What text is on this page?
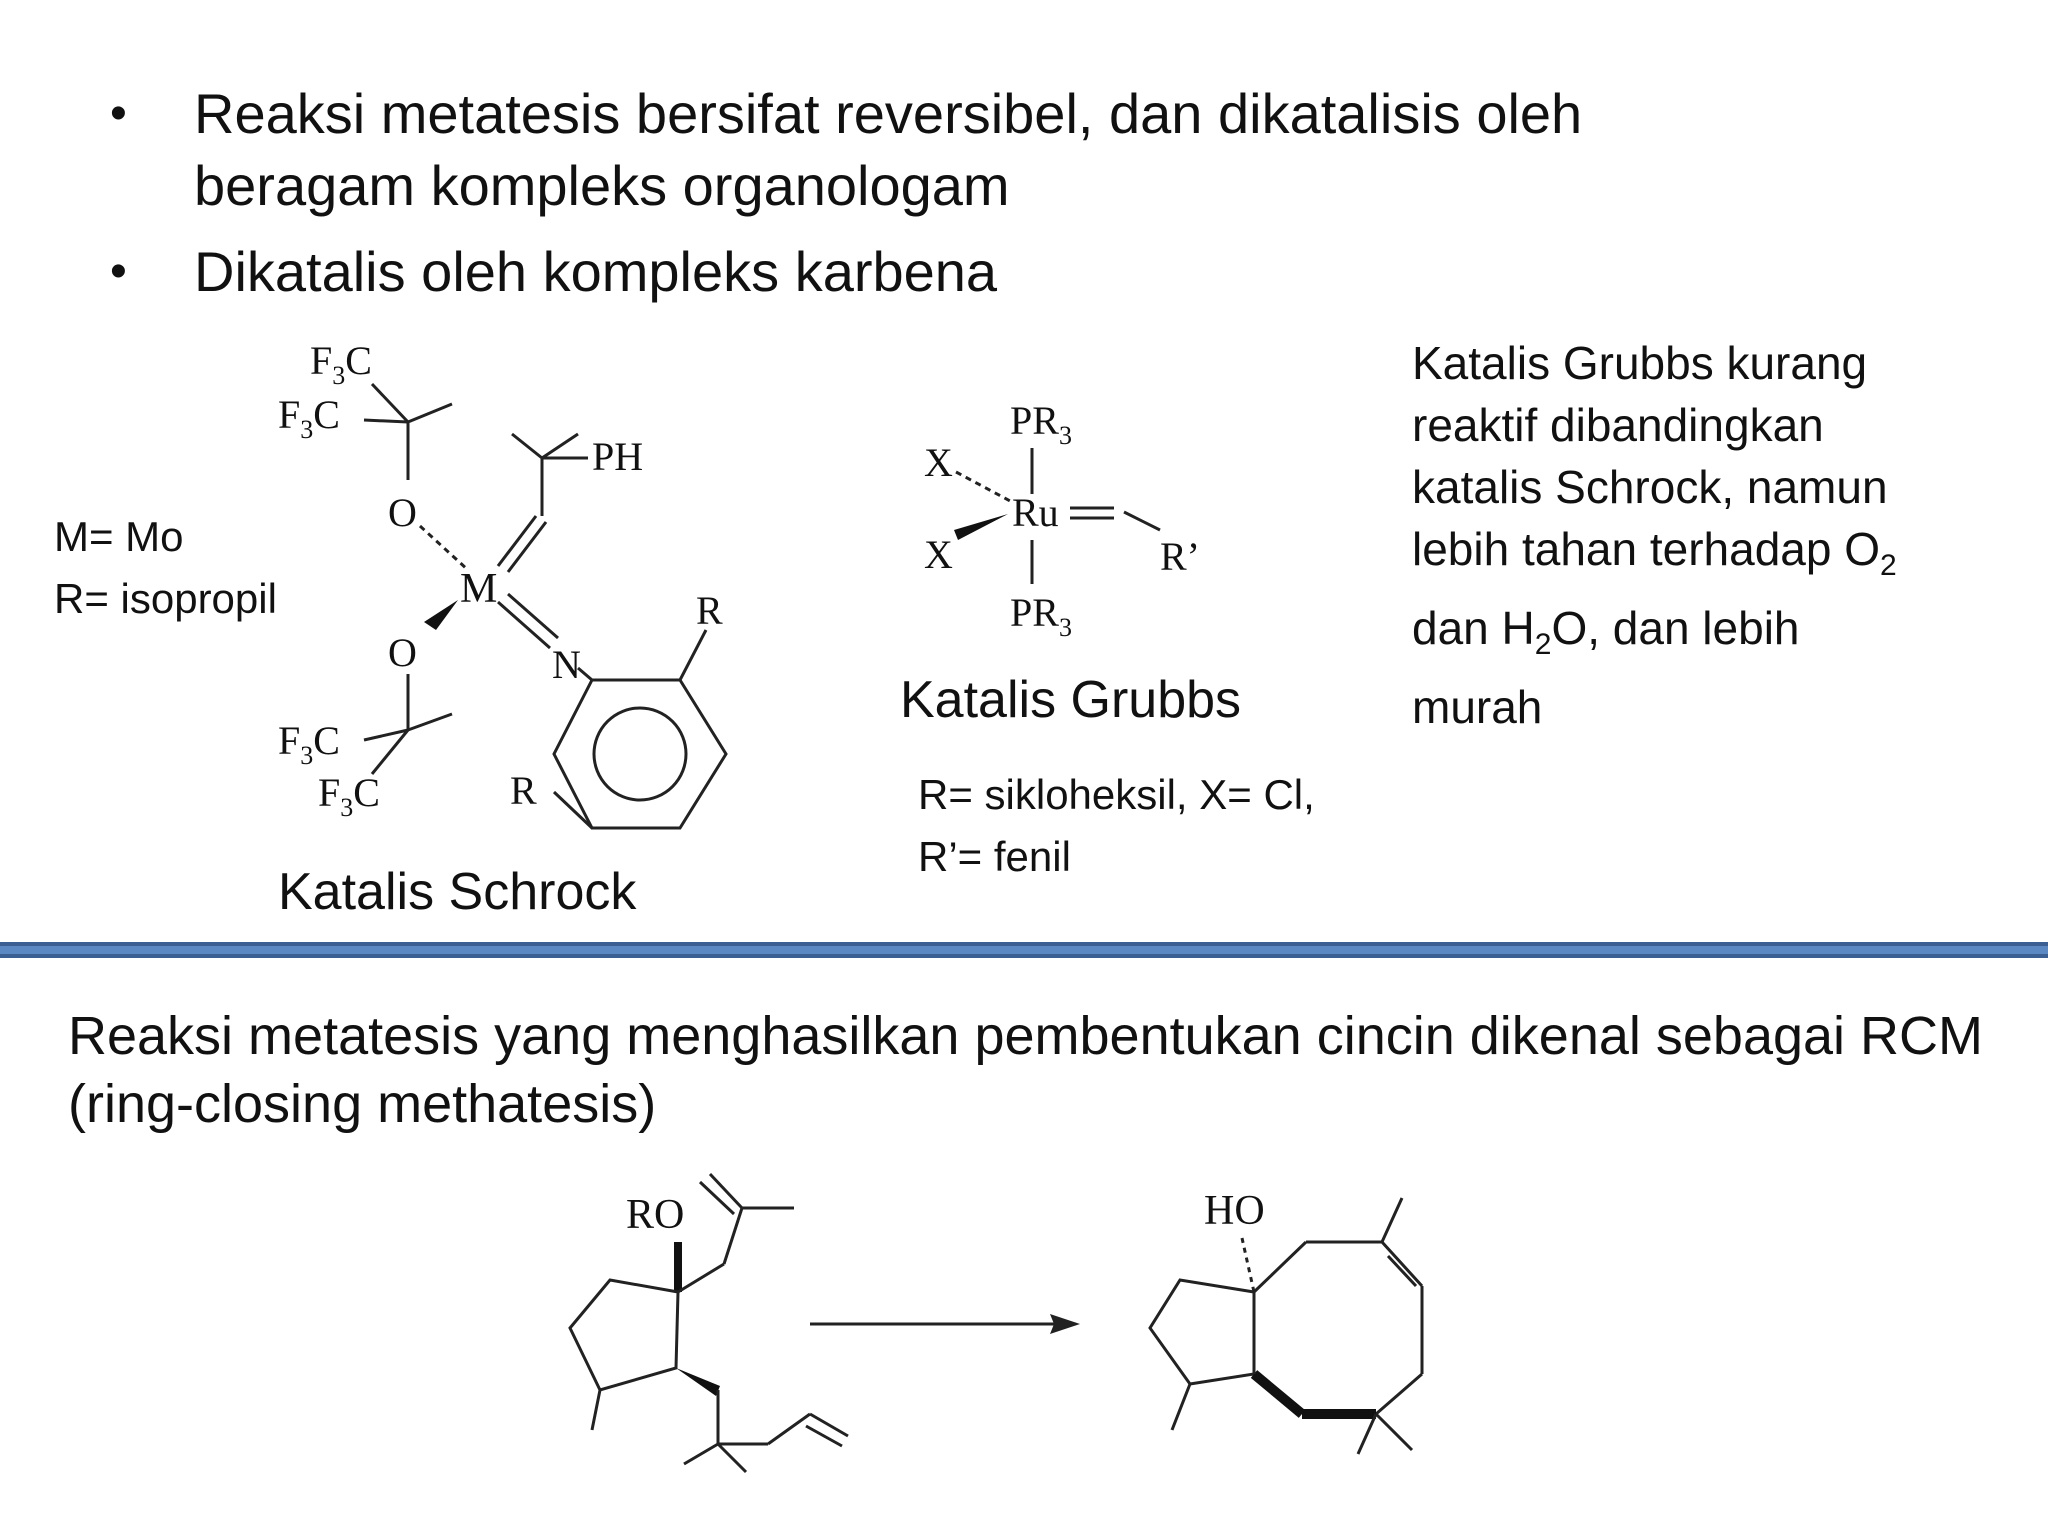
•	Reaksi metatesis bersifat reversibel, dan dikatalisis oleh beragam kompleks organologam
•	Dikatalis oleh kompleks karbena
M= Mo
R= isopropil
$F_3C$
$F_3C$
O
M
PH
N
O
$F_3C$
$F_3C$
R
R
Katalis Schrock
$PR_3$
X
Ru
R’
X
$PR_3$
Katalis Grubbs
R= sikloheksil, X= Cl,
R’= fenil
Katalis Grubbs kurang
reaktif dibandingkan
katalis Schrock, namun
lebih tahan terhadap $O_2$
dan $H_2O$, dan lebih
murah
Reaksi metatesis yang menghasilkan pembentukan cincin dikenal sebagai RCM (ring-closing methatesis)
RO	HO
